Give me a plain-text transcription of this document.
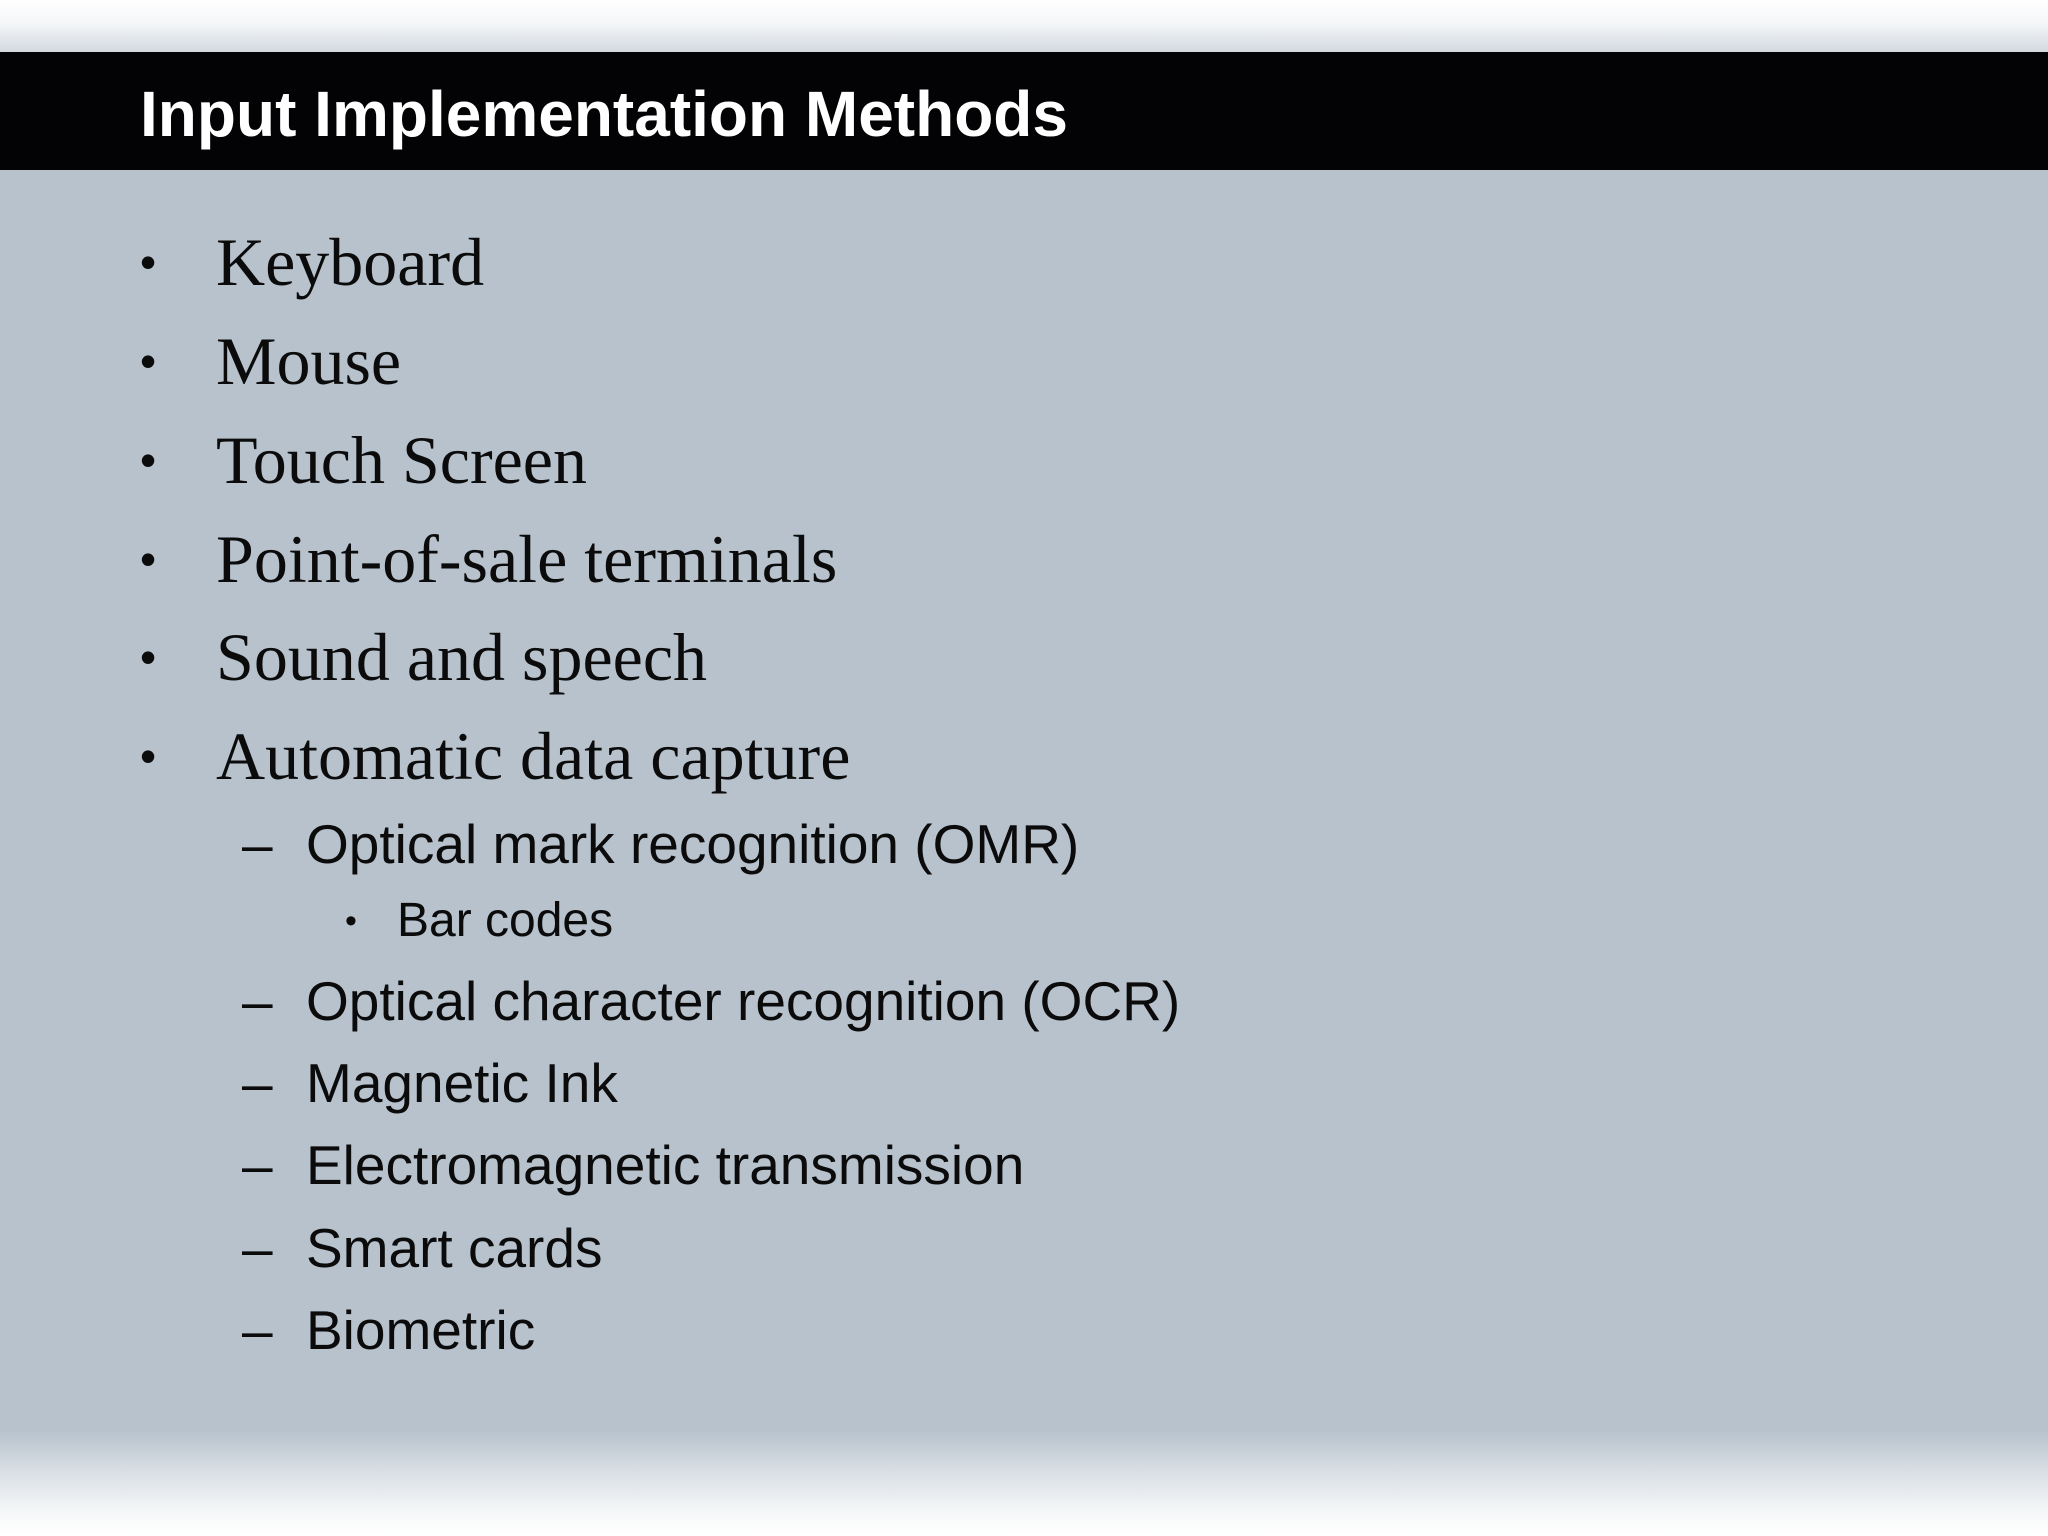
Input Implementation Methods
• Keyboard
• Mouse
• Touch Screen
• Point-of-sale terminals
• Sound and speech
• Automatic data capture
– Optical mark recognition (OMR)
• Bar codes
– Optical character recognition (OCR)
– Magnetic Ink
– Electromagnetic transmission
– Smart cards
– Biometric
